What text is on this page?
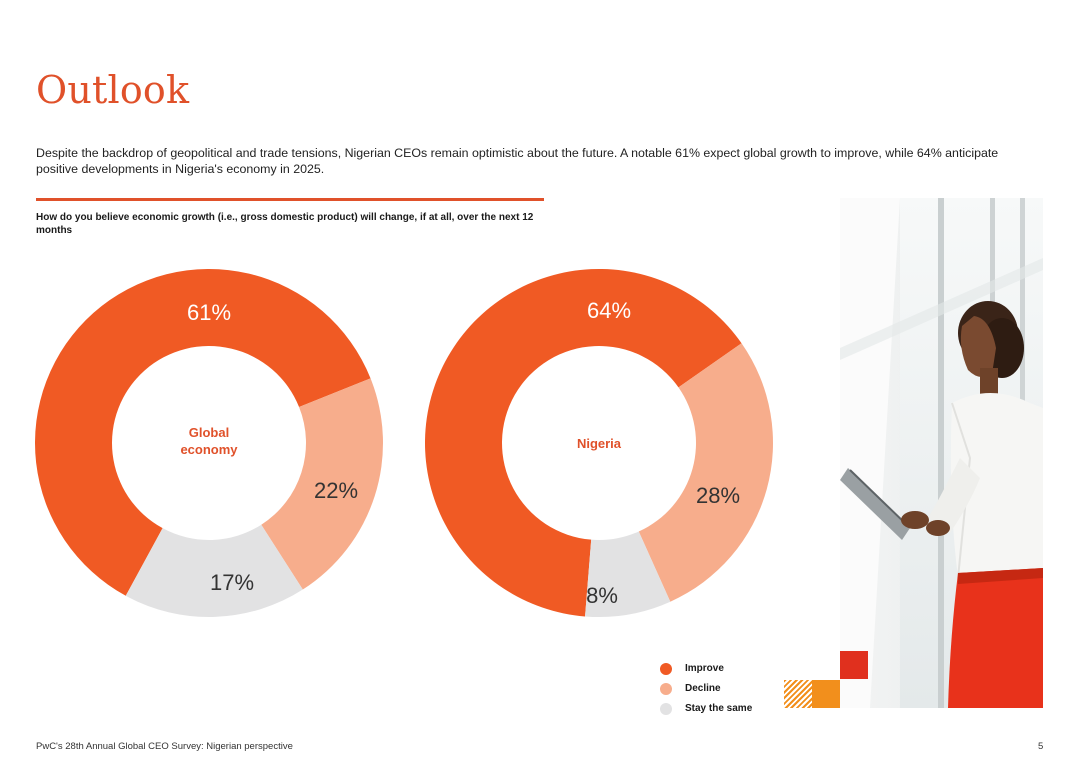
Outlook

Despite the backdrop of geopolitical and trade tensions, Nigerian CEOs remain optimistic about the future. A notable 61% expect global growth to improve, while 64% anticipate positive developments in Nigeria's economy in 2025.

How do you believe economic growth (i.e., gross domestic product) will change, if at all, over the next 12 months
61%
22%
17%
Global economy
64%
28%
8%
Nigeria
Improve
Decline
Stay the same
PwC's 28th Annual Global CEO Survey: Nigerian perspective	5
